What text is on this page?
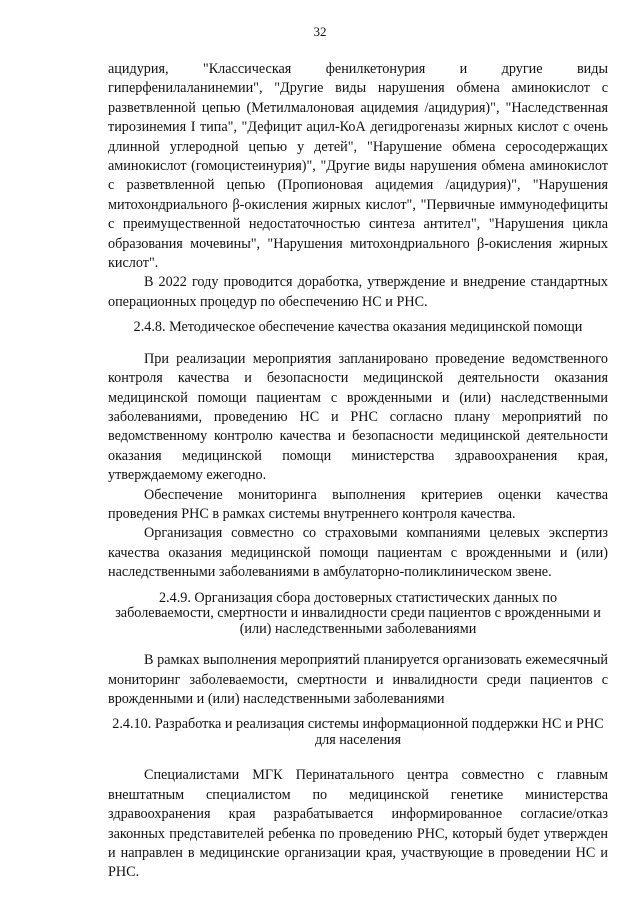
32

ацидурия, "Классическая фенилкетонурия и другие виды гиперфенилаланинемии", "Другие виды нарушения обмена аминокислот с разветвленной цепью (Метилмалоновая ацидемия /ацидурия)", "Наследственная тирозинемия I типа", "Дефицит ацил-КоА дегидрогеназы жирных кислот с очень длинной углеродной цепью у детей", "Нарушение обмена серосодержащих аминокислот (гомоцистеинурия)", "Другие виды нарушения обмена аминокислот с разветвленной цепью (Пропионовая ацидемия /ацидурия)", "Нарушения митохондриального β-окисления жирных кислот", "Первичные иммунодефициты с преимущественной недостаточностью синтеза антител", "Нарушения цикла образования мочевины", "Нарушения митохондриального β-окисления жирных кислот".

В 2022 году проводится доработка, утверждение и внедрение стандартных операционных процедур по обеспечению НС и РНС.

2.4.8. Методическое обеспечение качества оказания медицинской помощи

При реализации мероприятия запланировано проведение ведомственного контроля качества и безопасности медицинской деятельности оказания медицинской помощи пациентам с врожденными и (или) наследственными заболеваниями, проведению НС и РНС согласно плану мероприятий по ведомственному контролю качества и безопасности медицинской деятельности оказания медицинской помощи министерства здравоохранения края, утверждаемому ежегодно.

Обеспечение мониторинга выполнения критериев оценки качества проведения РНС в рамках системы внутреннего контроля качества.

Организация совместно со страховыми компаниями целевых экспертиз качества оказания медицинской помощи пациентам с врожденными и (или) наследственными заболеваниями в амбулаторно-поликлиническом звене.

2.4.9. Организация сбора достоверных статистических данных по заболеваемости, смертности и инвалидности среди пациентов с врожденными и (или) наследственными заболеваниями

В рамках выполнения мероприятий планируется организовать ежемесячный мониторинг заболеваемости, смертности и инвалидности среди пациентов с врожденными и (или) наследственными заболеваниями

2.4.10. Разработка и реализация системы информационной поддержки НС и РНС для населения

Специалистами МГК Перинатального центра совместно с главным внештатным специалистом по медицинской генетике министерства здравоохранения края разрабатывается информированное согласие/отказ законных представителей ребенка по проведению РНС, который будет утвержден и направлен в медицинские организации края, участвующие в проведении НС и РНС.
